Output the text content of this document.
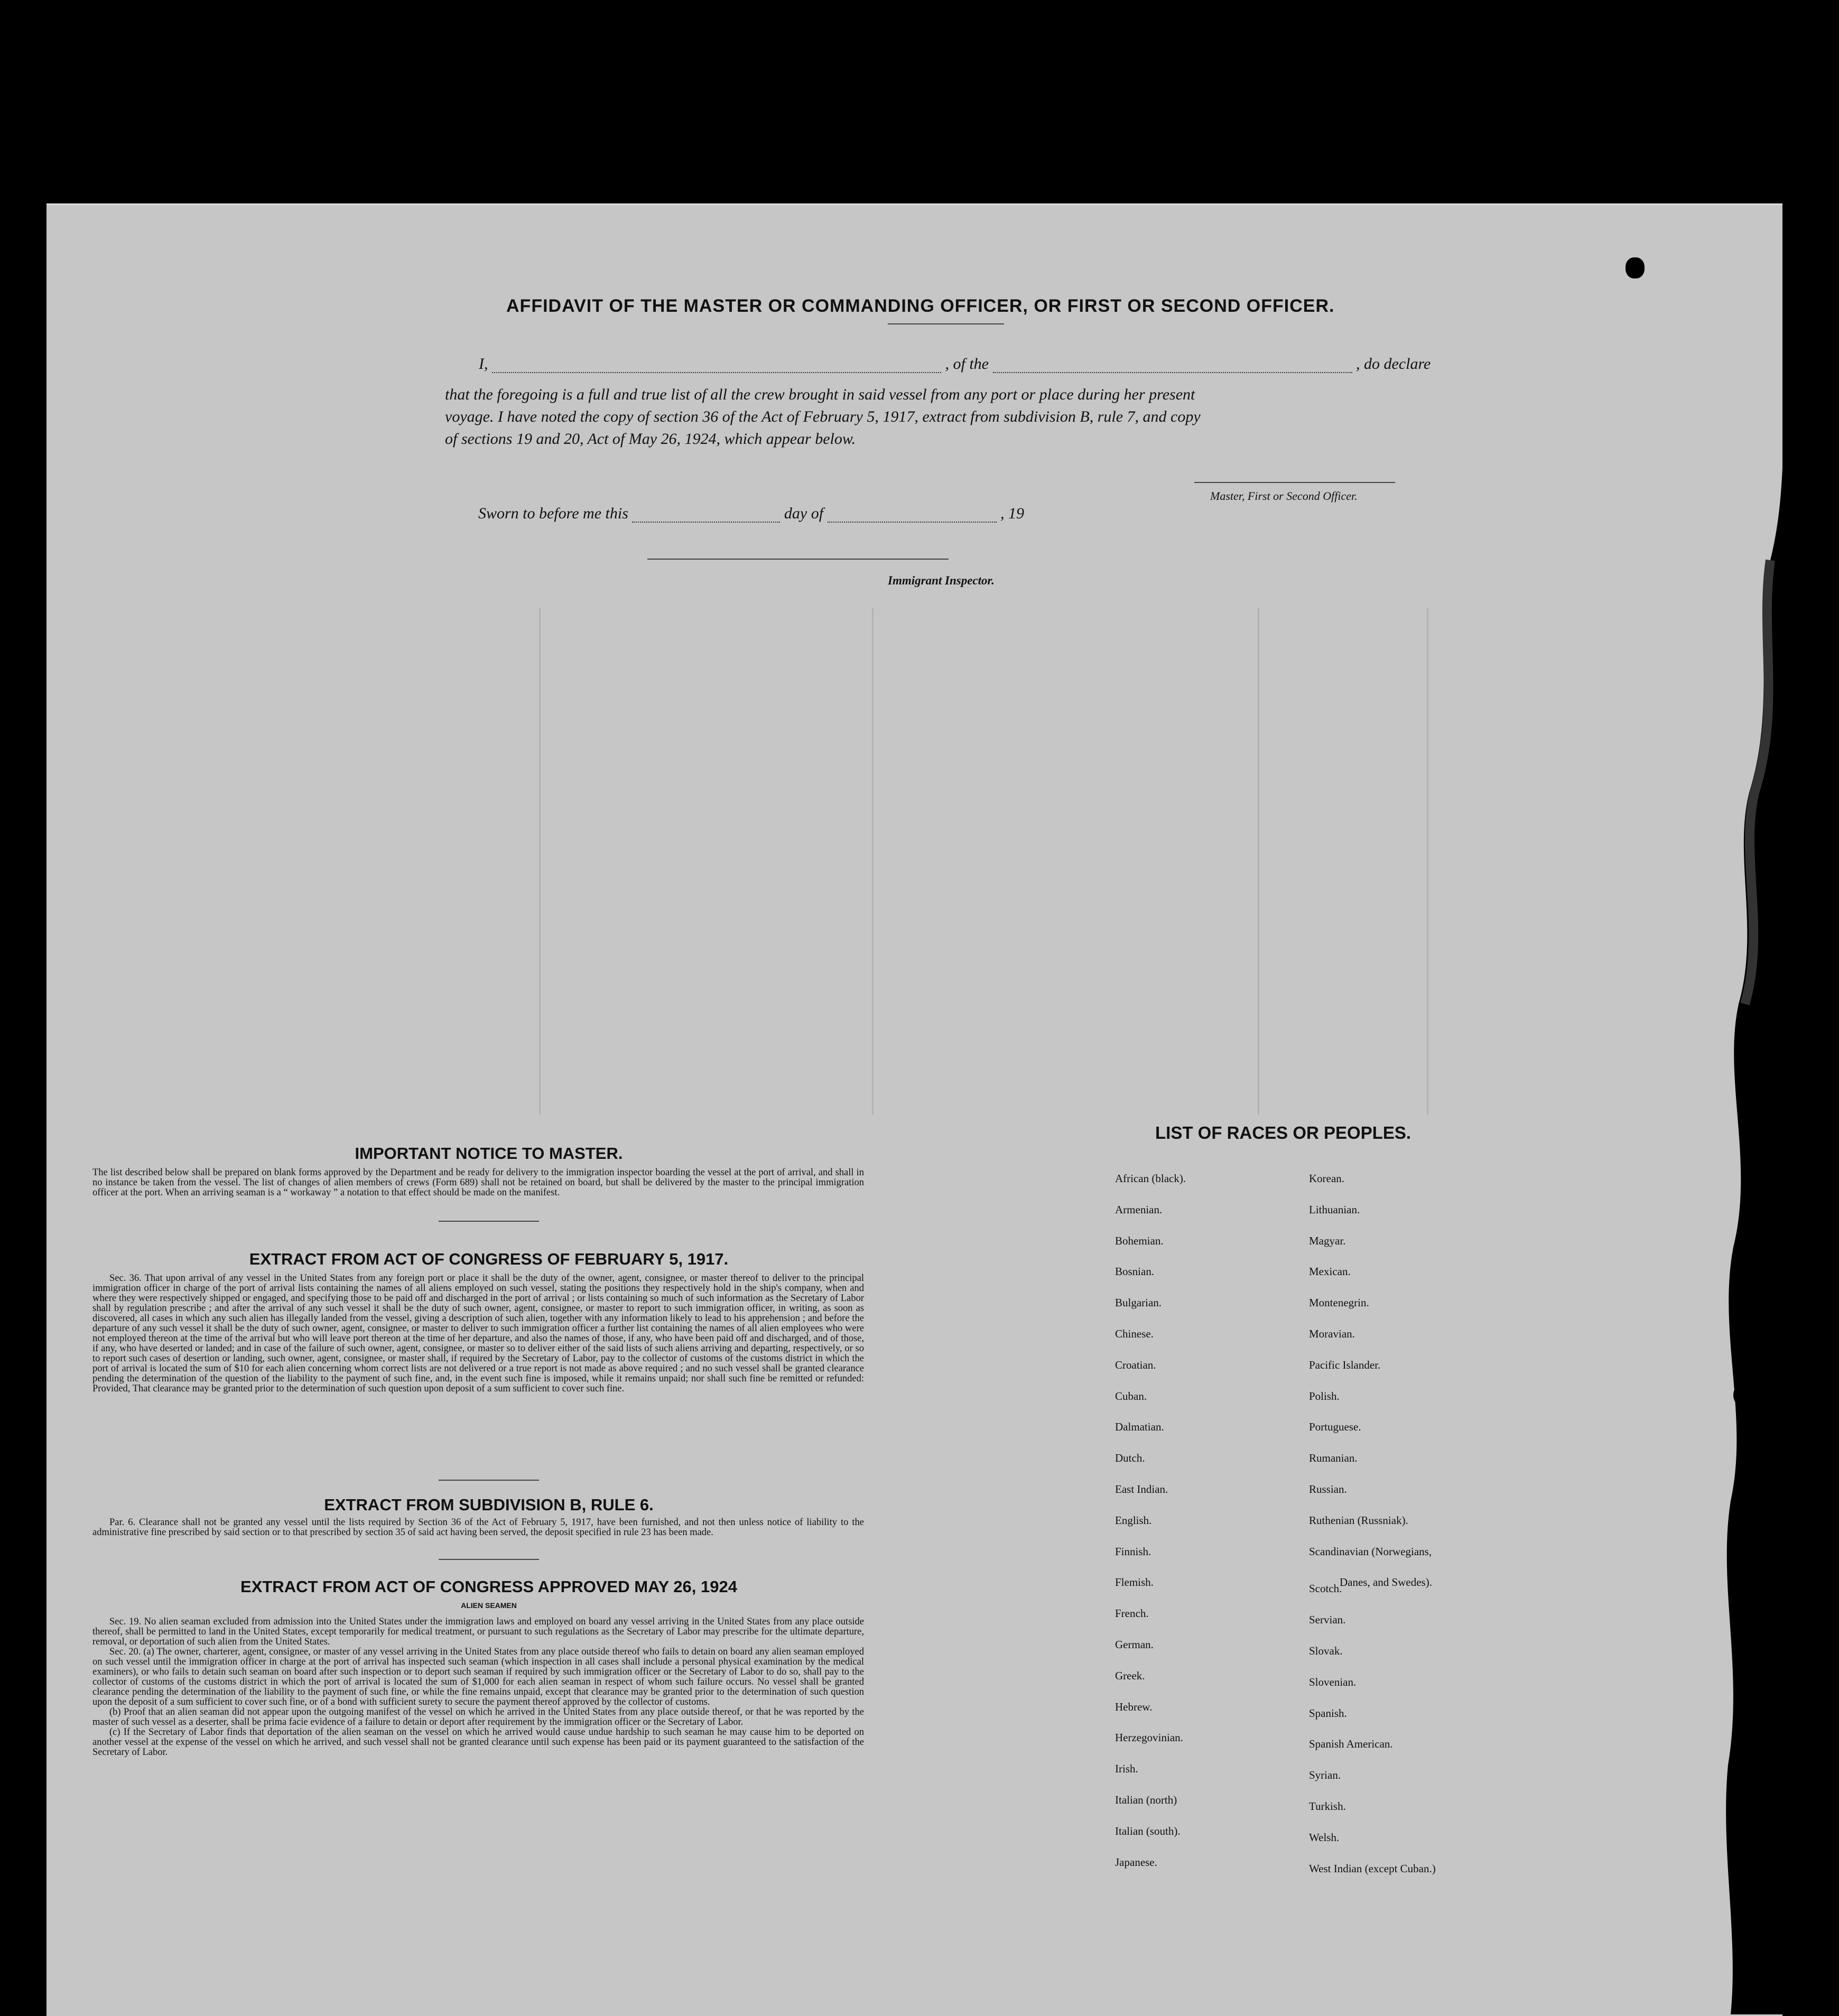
AFFIDAVIT OF THE MASTER OR COMMANDING OFFICER, OR FIRST OR SECOND OFFICER.
I,	, of the	, do declare
that the foregoing is a full and true list of all the crew brought in said vessel from any port or place during her present
voyage. I have noted the copy of section 36 of the Act of February 5, 1917, extract from subdivision B, rule 7, and copy
of sections 19 and 20, Act of May 26, 1924, which appear below.
Master, First or Second Officer.
Sworn to before me this	day of	, 19
Immigrant Inspector.
IMPORTANT NOTICE TO MASTER.
The list described below shall be prepared on blank forms approved by the Department and be ready for delivery to the immigration inspector boarding the vessel at the port of arrival, and shall in no instance be taken from the vessel. The list of changes of alien members of crews (Form 689) shall not be retained on board, but shall be delivered by the master to the principal immigration officer at the port. When an arriving seaman is a “ workaway ” a notation to that effect should be made on the manifest.
EXTRACT FROM ACT OF CONGRESS OF FEBRUARY 5, 1917.

Sec. 36. That upon arrival of any vessel in the United States from any foreign port or place it shall be the duty of the owner, agent, consignee, or master thereof to deliver to the principal immigration officer in charge of the port of arrival lists containing the names of all aliens employed on such vessel, stating the positions they respectively hold in the ship's company, when and where they were respectively shipped or engaged, and specifying those to be paid off and discharged in the port of arrival ; or lists containing so much of such information as the Secretary of Labor shall by regulation prescribe ; and after the arrival of any such vessel it shall be the duty of such owner, agent, consignee, or master to report to such immigration officer, in writing, as soon as discovered, all cases in which any such alien has illegally landed from the vessel, giving a description of such alien, together with any information likely to lead to his apprehension ; and before the departure of any such vessel it shall be the duty of such owner, agent, consignee, or master to deliver to such immigration officer a further list containing the names of all alien employees who were not employed thereon at the time of the arrival but who will leave port thereon at the time of her departure, and also the names of those, if any, who have been paid off and discharged, and of those, if any, who have deserted or landed; and in case of the failure of such owner, agent, consignee, or master so to deliver either of the said lists of such aliens arriving and departing, respectively, or so to report such cases of desertion or landing, such owner, agent, consignee, or master shall, if required by the Secretary of Labor, pay to the collector of customs of the customs district in which the port of arrival is located the sum of $10 for each alien concerning whom correct lists are not delivered or a true report is not made as above required ; and no such vessel shall be granted clearance pending the determination of the question of the liability to the payment of such fine, and, in the event such fine is imposed, while it remains unpaid; nor shall such fine be remitted or refunded: Provided, That clearance may be granted prior to the determination of such question upon deposit of a sum sufficient to cover such fine.

EXTRACT FROM SUBDIVISION B, RULE 6.

Par. 6. Clearance shall not be granted any vessel until the lists required by Section 36 of the Act of February 5, 1917, have been furnished, and not then unless notice of liability to the administrative fine prescribed by said section or to that prescribed by section 35 of said act having been served, the deposit specified in rule 23 has been made.

EXTRACT FROM ACT OF CONGRESS APPROVED MAY 26, 1924
ALIEN SEAMEN

Sec. 19. No alien seaman excluded from admission into the United States under the immigration laws and employed on board any vessel arriving in the United States from any place outside thereof, shall be permitted to land in the United States, except temporarily for medical treatment, or pursuant to such regulations as the Secretary of Labor may prescribe for the ultimate departure, removal, or deportation of such alien from the United States.

Sec. 20. (a) The owner, charterer, agent, consignee, or master of any vessel arriving in the United States from any place outside thereof who fails to detain on board any alien seaman employed on such vessel until the immigration officer in charge at the port of arrival has inspected such seaman (which inspection in all cases shall include a personal physical examination by the medical examiners), or who fails to detain such seaman on board after such inspection or to deport such seaman if required by such immigration officer or the Secretary of Labor to do so, shall pay to the collector of customs of the customs district in which the port of arrival is located the sum of $1,000 for each alien seaman in respect of whom such failure occurs. No vessel shall be granted clearance pending the determination of the liability to the payment of such fine, or while the fine remains unpaid, except that clearance may be granted prior to the determination of such question upon the deposit of a sum sufficient to cover such fine, or of a bond with sufficient surety to secure the payment thereof approved by the collector of customs.

(b) Proof that an alien seaman did not appear upon the outgoing manifest of the vessel on which he arrived in the United States from any place outside thereof, or that he was reported by the master of such vessel as a deserter, shall be prima facie evidence of a failure to detain or deport after requirement by the immigration officer or the Secretary of Labor.

(c) If the Secretary of Labor finds that deportation of the alien seaman on the vessel on which he arrived would cause undue hardship to such seaman he may cause him to be deported on another vessel at the expense of the vessel on which he arrived, and such vessel shall not be granted clearance until such expense has been paid or its payment guaranteed to the satisfaction of the Secretary of Labor.

LIST OF RACES OR PEOPLES.
African (black).
Armenian.
Bohemian.
Bosnian.
Bulgarian.
Chinese.
Croatian.
Cuban.
Dalmatian.
Dutch.
East Indian.
English.
Finnish.
Flemish.
French.
German.
Greek.
Hebrew.
Herzegovinian.
Irish.
Italian (north)
Italian (south).
Japanese.
Korean.
Lithuanian.
Magyar.
Mexican.
Montenegrin.
Moravian.
Pacific Islander.
Polish.
Portuguese.
Rumanian.
Russian.
Ruthenian (Russniak).
Scandinavian (Norwegians,
Scotch.
Servian.
Slovak.
Slovenian.
Spanish.
Spanish American.
Syrian.
Turkish.
Welsh.
West Indian (except Cuban.)
Danes, and Swedes).
